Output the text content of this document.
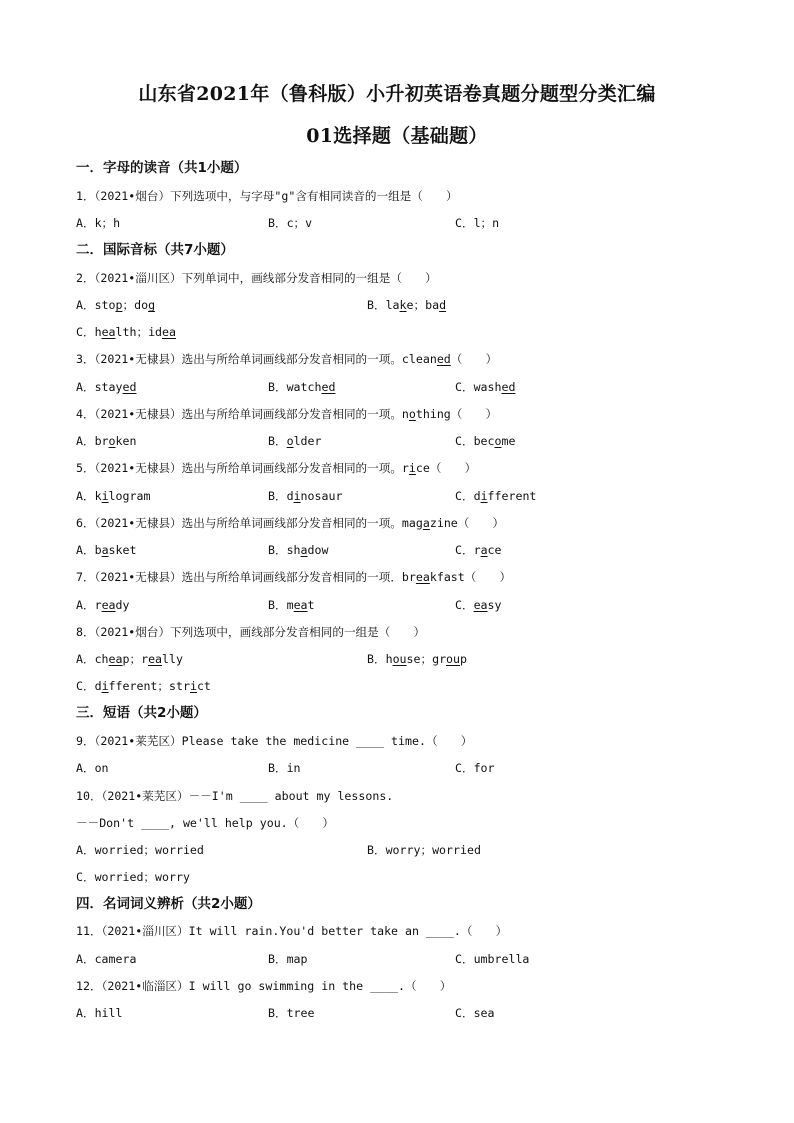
山东省2021年（鲁科版）小升初英语卷真题分题型分类汇编
01选择题（基础题）
一．字母的读音（共1小题）
1．（2021•烟台）下列选项中，与字母"g"含有相同读音的一组是（　　）
A．k；h	B．c；v	C．l；n
二．国际音标（共7小题）
2．（2021•淄川区）下列单词中，画线部分发音相同的一组是（　　）
A．stop；dog	B．lake；bad
C．health；idea
3．（2021•无棣县）选出与所给单词画线部分发音相同的一项。cleaned（　　）
A．stayed	B．watched	C．washed
4．（2021•无棣县）选出与所给单词画线部分发音相同的一项。nothing（　　）
A．broken	B．older	C．become
5．（2021•无棣县）选出与所给单词画线部分发音相同的一项。rice（　　）
A．kilogram	B．dinosaur	C．different
6．（2021•无棣县）选出与所给单词画线部分发音相同的一项。magazine（　　）
A．basket	B．shadow	C．race
7．（2021•无棣县）选出与所给单词画线部分发音相同的一项．breakfast（　　）
A．ready	B．meat	C．easy
8．（2021•烟台）下列选项中，画线部分发音相同的一组是（　　）
A．cheap；really	B．house；group
C．different；strict
三．短语（共2小题）
9．（2021•莱芜区）Please take the medicine ____ time.（　　）
A．on	B．in	C．for
10．（2021•莱芜区）－－I'm ____ about my lessons.
－－Don't ____, we'll help you.（　　）
A．worried；worried	B．worry；worried
C．worried；worry
四．名词词义辨析（共2小题）
11．（2021•淄川区）It will rain.You'd better take an ____.（　　）
A．camera	B．map	C．umbrella
12．（2021•临淄区）I will go swimming in the ____.（　　）
A．hill	B．tree	C．sea
